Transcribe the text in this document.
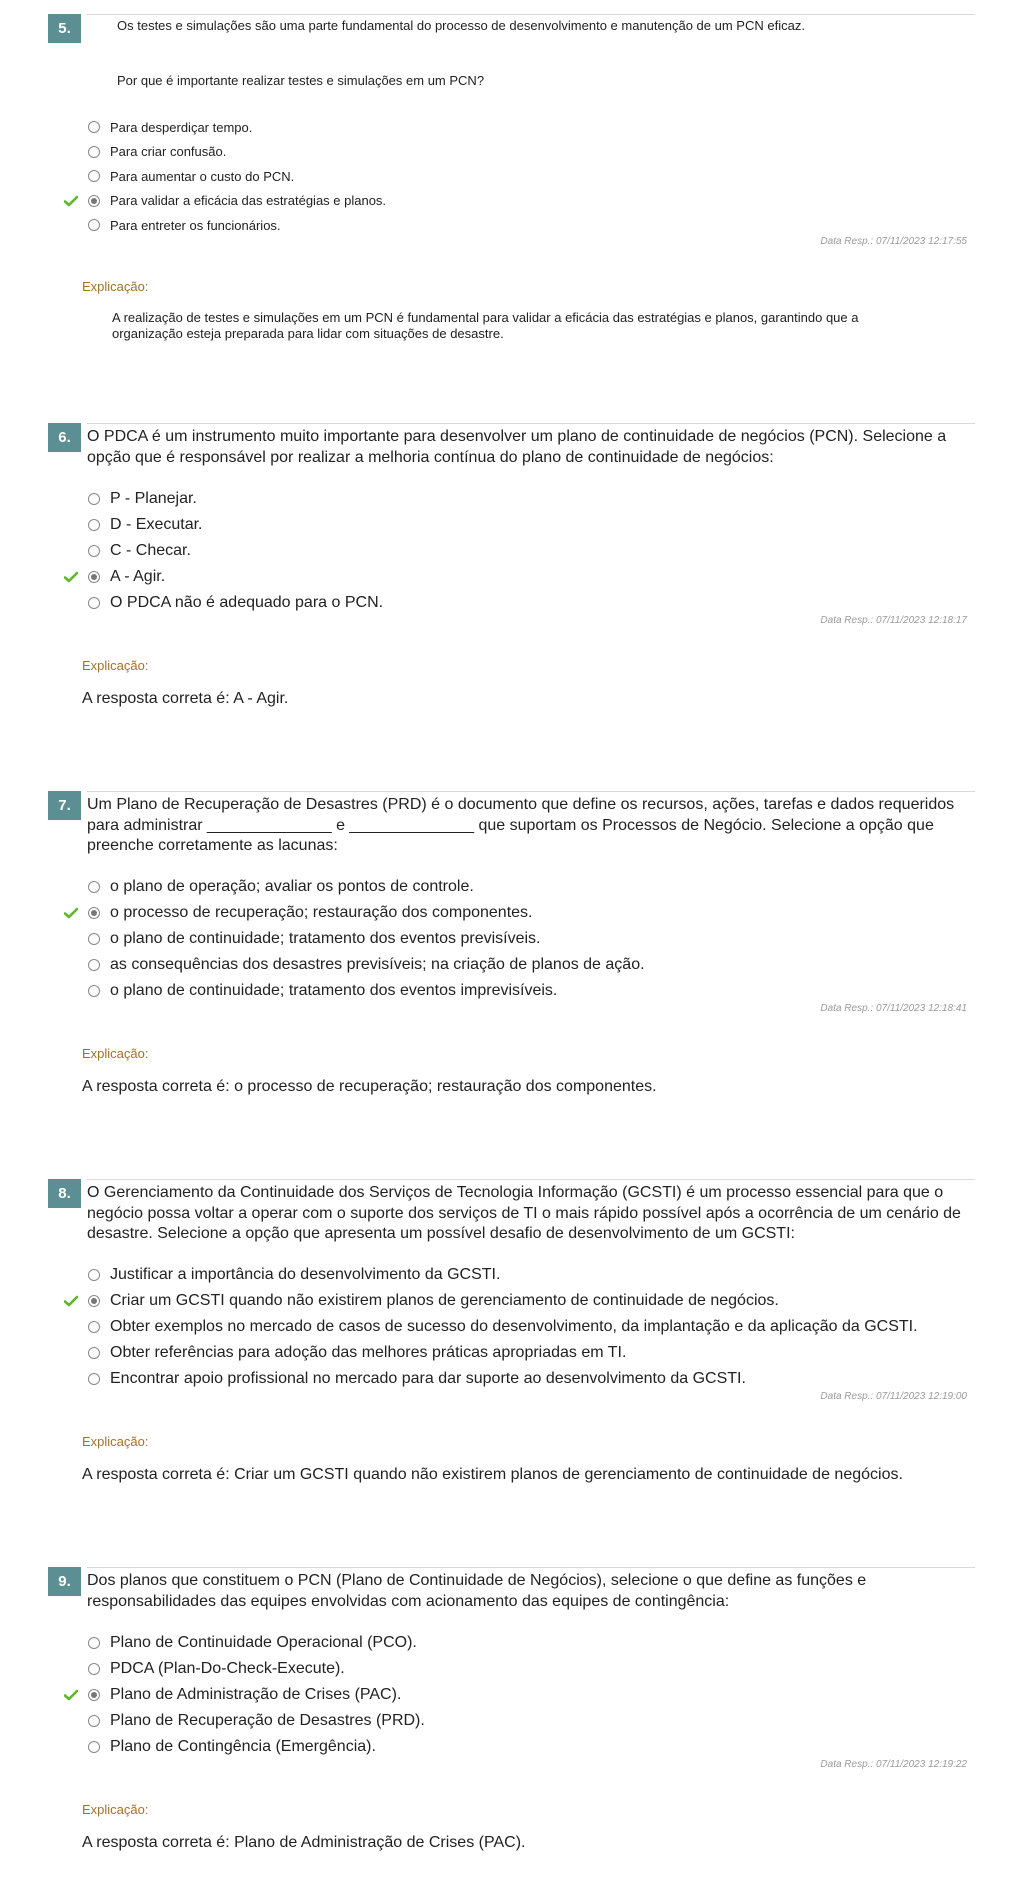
5.	Os testes e simulações são uma parte fundamental do processo de desenvolvimento e manutenção de um PCN eficaz.

Por que é importante realizar testes e simulações em um PCN?

Para desperdiçar tempo.
Para criar confusão.
Para aumentar o custo do PCN.
Para validar a eficácia das estratégias e planos.
Para entreter os funcionários.
Data Resp.: 07/11/2023 12:17:55
Explicação:
A realização de testes e simulações em um PCN é fundamental para validar a eficácia das estratégias e planos, garantindo que a organização esteja preparada para lidar com situações de desastre.
6.	O PDCA é um instrumento muito importante para desenvolver um plano de continuidade de negócios (PCN). Selecione a opção que é responsável por realizar a melhoria contínua do plano de continuidade de negócios:
P - Planejar.
D - Executar.
C - Checar.
A - Agir.
O PDCA não é adequado para o PCN.
Data Resp.: 07/11/2023 12:18:17
Explicação:
A resposta correta é: A - Agir.
7.	Um Plano de Recuperação de Desastres (PRD) é o documento que define os recursos, ações, tarefas e dados requeridos para administrar ______________ e ______________ que suportam os Processos de Negócio. Selecione a opção que preenche corretamente as lacunas:
o plano de operação; avaliar os pontos de controle.
o processo de recuperação; restauração dos componentes.
o plano de continuidade; tratamento dos eventos previsíveis.
as consequências dos desastres previsíveis; na criação de planos de ação.
o plano de continuidade; tratamento dos eventos imprevisíveis.
Data Resp.: 07/11/2023 12:18:41
Explicação:
A resposta correta é: o processo de recuperação; restauração dos componentes.
8.	O Gerenciamento da Continuidade dos Serviços de Tecnologia Informação (GCSTI) é um processo essencial para que o negócio possa voltar a operar com o suporte dos serviços de TI o mais rápido possível após a ocorrência de um cenário de desastre. Selecione a opção que apresenta um possível desafio de desenvolvimento de um GCSTI:
Justificar a importância do desenvolvimento da GCSTI.
Criar um GCSTI quando não existirem planos de gerenciamento de continuidade de negócios.
Obter exemplos no mercado de casos de sucesso do desenvolvimento, da implantação e da aplicação da GCSTI.
Obter referências para adoção das melhores práticas apropriadas em TI.
Encontrar apoio profissional no mercado para dar suporte ao desenvolvimento da GCSTI.
Data Resp.: 07/11/2023 12:19:00
Explicação:
A resposta correta é: Criar um GCSTI quando não existirem planos de gerenciamento de continuidade de negócios.
9.	Dos planos que constituem o PCN (Plano de Continuidade de Negócios), selecione o que define as funções e responsabilidades das equipes envolvidas com acionamento das equipes de contingência:
Plano de Continuidade Operacional (PCO).
PDCA (Plan-Do-Check-Execute).
Plano de Administração de Crises (PAC).
Plano de Recuperação de Desastres (PRD).
Plano de Contingência (Emergência).
Data Resp.: 07/11/2023 12:19:22
Explicação:
A resposta correta é: Plano de Administração de Crises (PAC).
